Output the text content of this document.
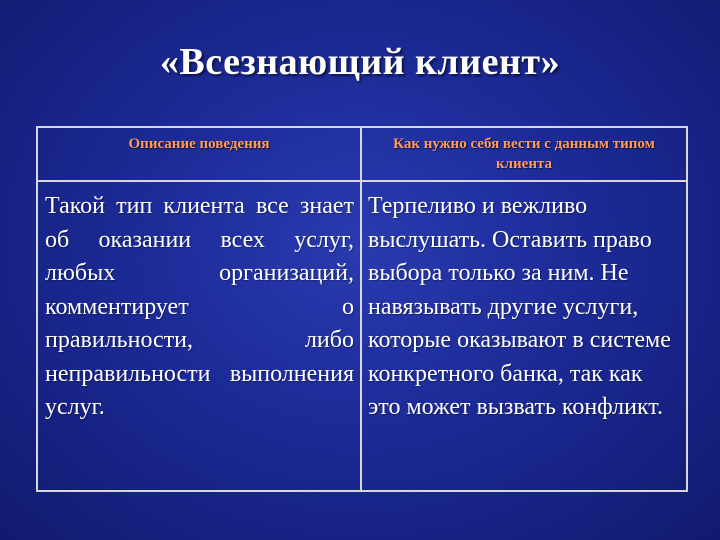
«Всезнающий клиент»
Описание поведения	Как нужно себя вести с данным типом клиента

Такой тип клиента все знает об оказании всех услуг, любых организаций, комментирует о правильности, либо неправильности выполнения услуг.	Терпеливо и вежливо выслушать. Оставить право выбора только за ним. Не навязывать другие услуги, которые оказывают в системе конкретного банка, так как это может вызвать конфликт.
